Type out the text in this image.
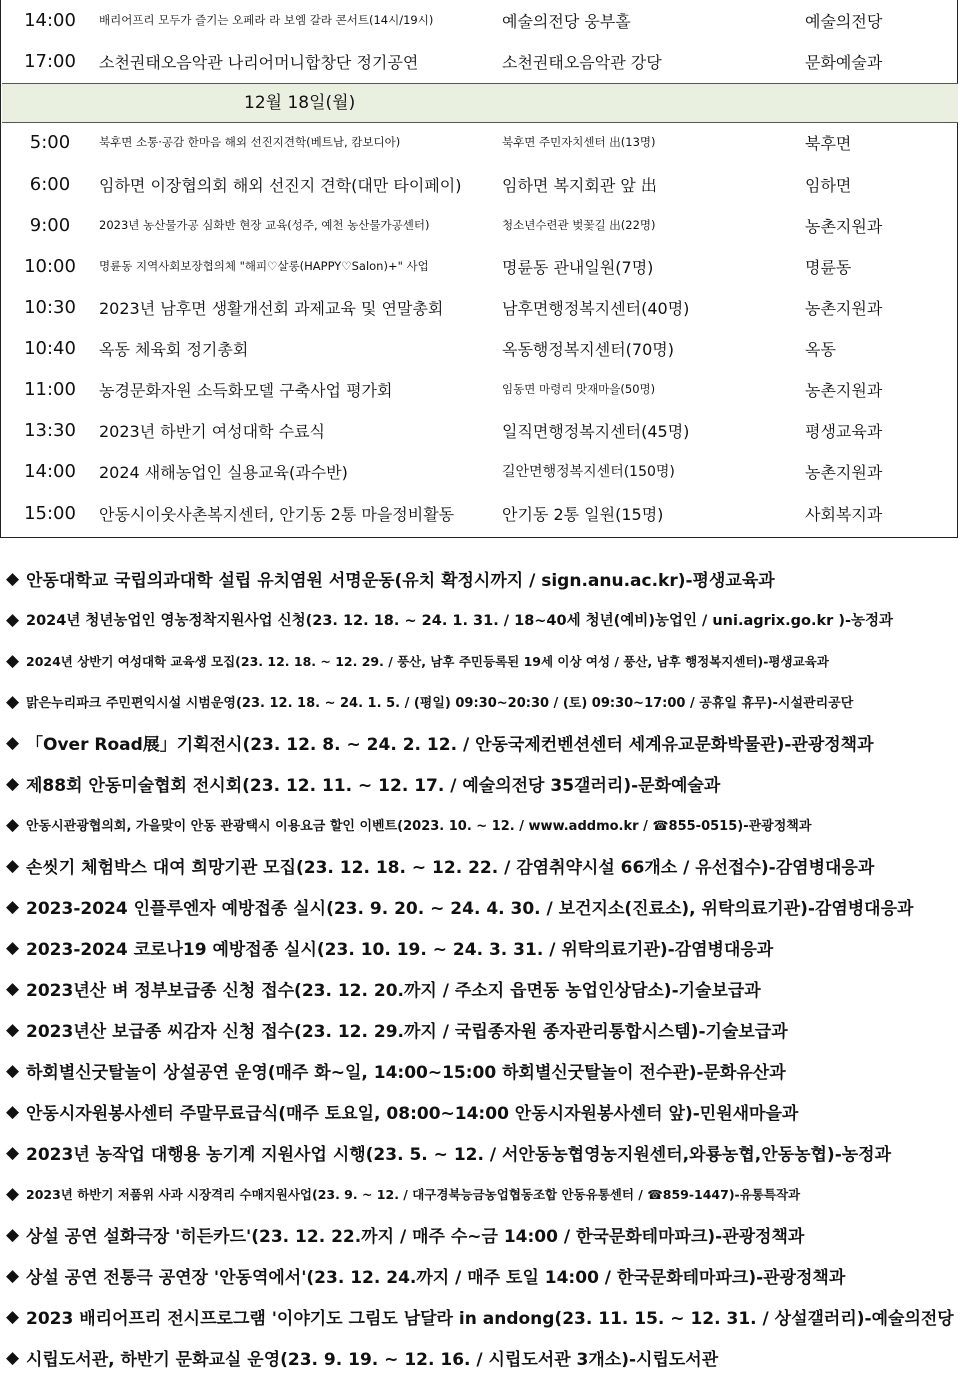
14:00	배리어프리 모두가 즐기는 오페라 라 보엠 갈라 콘서트(14시/19시)	예술의전당 웅부홀	예술의전당
17:00	소천권태오음악관 나리어머니합창단 정기공연	소천권태오음악관 강당	문화예술과
12월 18일(월)
5:00	북후면 소통·공감 한마음 해외 선진지견학(베트남, 캄보디아)	북후면 주민자치센터 出(13명)	북후면
6:00	임하면 이장협의회 해외 선진지 견학(대만 타이페이)	임하면 복지회관 앞 出	임하면
9:00	2023년 농산물가공 심화반 현장 교육(성주, 예천 농산물가공센터)	청소년수련관 벚꽃길 出(22명)	농촌지원과
10:00	명륜동 지역사회보장협의체 "해피♡살롱(HAPPY♡Salon)+" 사업	명륜동 관내일원(7명)	명륜동
10:30	2023년 남후면 생활개선회 과제교육 및 연말총회	남후면행정복지센터(40명)	농촌지원과
10:40	옥동 체육회 정기총회	옥동행정복지센터(70명)	옥동
11:00	농경문화자원 소득화모델 구축사업 평가회	임동면 마령리 맛재마을(50명)	농촌지원과
13:30	2023년 하반기 여성대학 수료식	일직면행정복지센터(45명)	평생교육과
14:00	2024 새해농업인 실용교육(과수반)	길안면행정복지센터(150명)	농촌지원과
15:00	안동시이웃사촌복지센터, 안기동 2통 마을정비활동	안기동 2통 일원(15명)	사회복지과
◆ 안동대학교 국립의과대학 설립 유치염원 서명운동(유치 확정시까지 / sign.anu.ac.kr)-평생교육과
◆ 2024년 청년농업인 영농정착지원사업 신청(23. 12. 18. ~ 24. 1. 31. / 18~40세 청년(예비)농업인 / uni.agrix.go.kr )-농정과
◆ 2024년 상반기 여성대학 교육생 모집(23. 12. 18. ~ 12. 29. / 풍산, 남후 주민등록된 19세 이상 여성 / 풍산, 남후 행정복지센터)-평생교육과
◆ 맑은누리파크 주민편익시설 시범운영(23. 12. 18. ~ 24. 1. 5. / (평일) 09:30~20:30 / (토) 09:30~17:00 / 공휴일 휴무)-시설관리공단
◆ 「Over Road展」기획전시(23. 12. 8. ~ 24. 2. 12. / 안동국제컨벤션센터 세계유교문화박물관)-관광정책과
◆ 제88회 안동미술협회 전시회(23. 12. 11. ~ 12. 17. / 예술의전당 35갤러리)-문화예술과
◆ 안동시관광협의회, 가을맞이 안동 관광택시 이용요금 할인 이벤트(2023. 10. ~ 12. / www.addmo.kr / ☎855-0515)-관광정책과
◆ 손씻기 체험박스 대여 희망기관 모집(23. 12. 18. ~ 12. 22. / 감염취약시설 66개소 / 유선접수)-감염병대응과
◆ 2023-2024 인플루엔자 예방접종 실시(23. 9. 20. ~ 24. 4. 30. / 보건지소(진료소), 위탁의료기관)-감염병대응과
◆ 2023-2024 코로나19 예방접종 실시(23. 10. 19. ~ 24. 3. 31. / 위탁의료기관)-감염병대응과
◆ 2023년산 벼 정부보급종 신청 접수(23. 12. 20.까지 / 주소지 읍면동 농업인상담소)-기술보급과
◆ 2023년산 보급종 씨감자 신청 접수(23. 12. 29.까지 / 국립종자원 종자관리통합시스템)-기술보급과
◆ 하회별신굿탈놀이 상설공연 운영(매주 화~일, 14:00~15:00 하회별신굿탈놀이 전수관)-문화유산과
◆ 안동시자원봉사센터 주말무료급식(매주 토요일, 08:00~14:00 안동시자원봉사센터 앞)-민원새마을과
◆ 2023년 농작업 대행용 농기계 지원사업 시행(23. 5. ~ 12. / 서안동농협영농지원센터,와룡농협,안동농협)-농정과
◆ 2023년 하반기 저품위 사과 시장격리 수매지원사업(23. 9. ~ 12. / 대구경북능금농업협동조합 안동유통센터 / ☎859-1447)-유통특작과
◆ 상설 공연 설화극장 '히든카드'(23. 12. 22.까지 / 매주 수~금 14:00 / 한국문화테마파크)-관광정책과
◆ 상설 공연 전통극 공연장 '안동역에서'(23. 12. 24.까지 / 매주 토일 14:00 / 한국문화테마파크)-관광정책과
◆ 2023 배리어프리 전시프로그램 '이야기도 그림도 남달라 in andong(23. 11. 15. ~ 12. 31. / 상설갤러리)-예술의전당
◆ 시립도서관, 하반기 문화교실 운영(23. 9. 19. ~ 12. 16. / 시립도서관 3개소)-시립도서관
